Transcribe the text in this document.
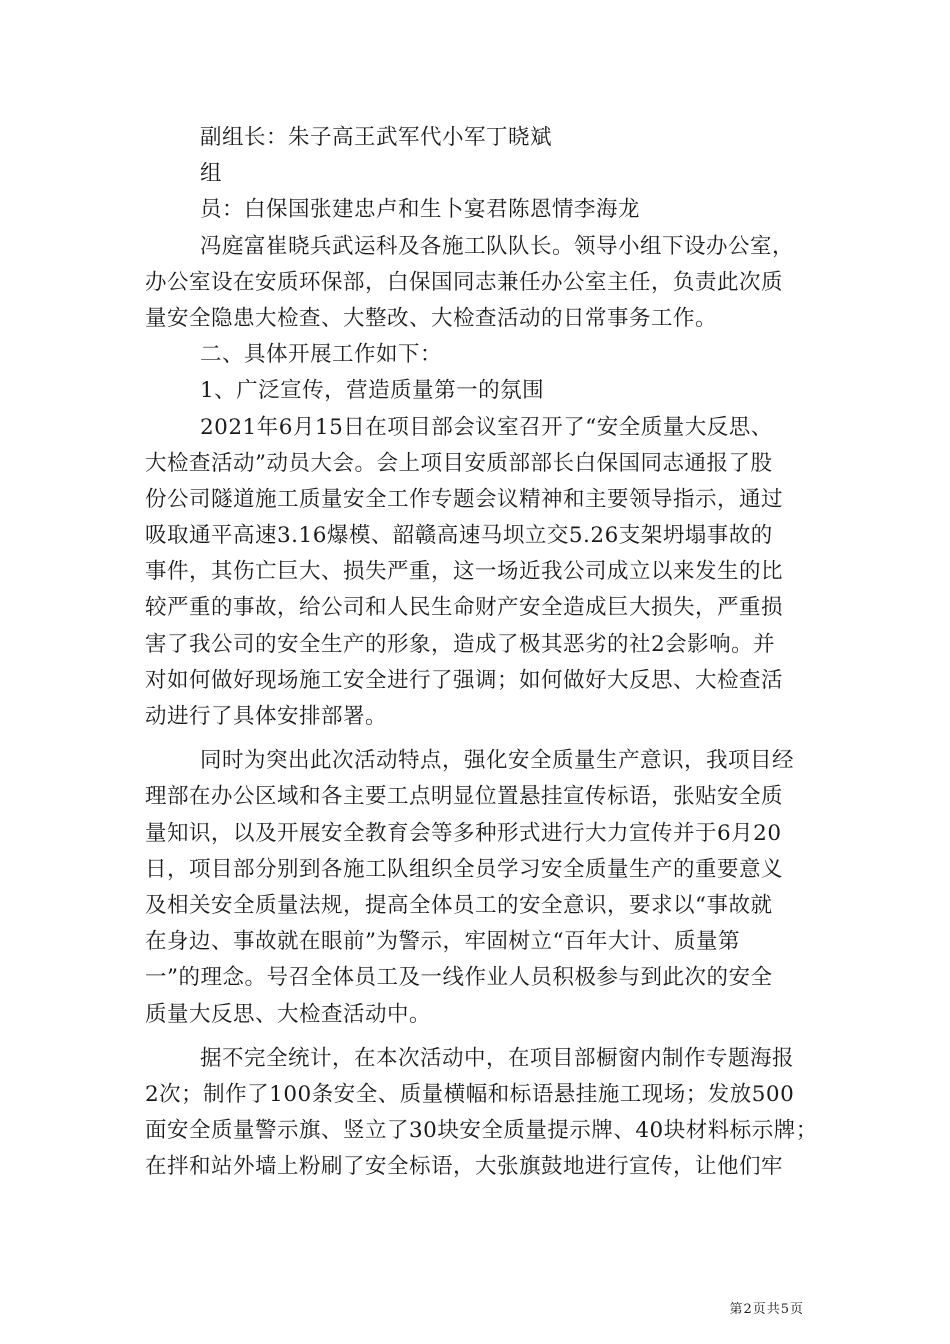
副组长：朱子高王武军代小军丁晓斌
组
员：白保国张建忠卢和生卜宴君陈恩情李海龙
冯庭富崔晓兵武运科及各施工队队长。领导小组下设办公室，
办公室设在安质环保部，白保国同志兼任办公室主任，负责此次质
量安全隐患大检查、大整改、大检查活动的日常事务工作。
二、具体开展工作如下：
1、广泛宣传，营造质量第一的氛围
2021年6月15日在项目部会议室召开了“安全质量大反思、
大检查活动”动员大会。会上项目安质部部长白保国同志通报了股
份公司隧道施工质量安全工作专题会议精神和主要领导指示，通过
吸取通平高速3.16爆模、韶赣高速马坝立交5.26支架坍塌事故的
事件，其伤亡巨大、损失严重，这一场近我公司成立以来发生的比
较严重的事故，给公司和人民生命财产安全造成巨大损失，严重损
害了我公司的安全生产的形象，造成了极其恶劣的社2会影响。并
对如何做好现场施工安全进行了强调；如何做好大反思、大检查活
动进行了具体安排部署。
同时为突出此次活动特点，强化安全质量生产意识，我项目经
理部在办公区域和各主要工点明显位置悬挂宣传标语，张贴安全质
量知识，以及开展安全教育会等多种形式进行大力宣传并于6月20
日，项目部分别到各施工队组织全员学习安全质量生产的重要意义
及相关安全质量法规，提高全体员工的安全意识，要求以“事故就
在身边、事故就在眼前”为警示，牢固树立“百年大计、质量第
一”的理念。号召全体员工及一线作业人员积极参与到此次的安全
质量大反思、大检查活动中。
据不完全统计，在本次活动中，在项目部橱窗内制作专题海报
2次；制作了100条安全、质量横幅和标语悬挂施工现场；发放500
面安全质量警示旗、竖立了30块安全质量提示牌、40块材料标示牌；
在拌和站外墙上粉刷了安全标语，大张旗鼓地进行宣传，让他们牢
第2页共5页
